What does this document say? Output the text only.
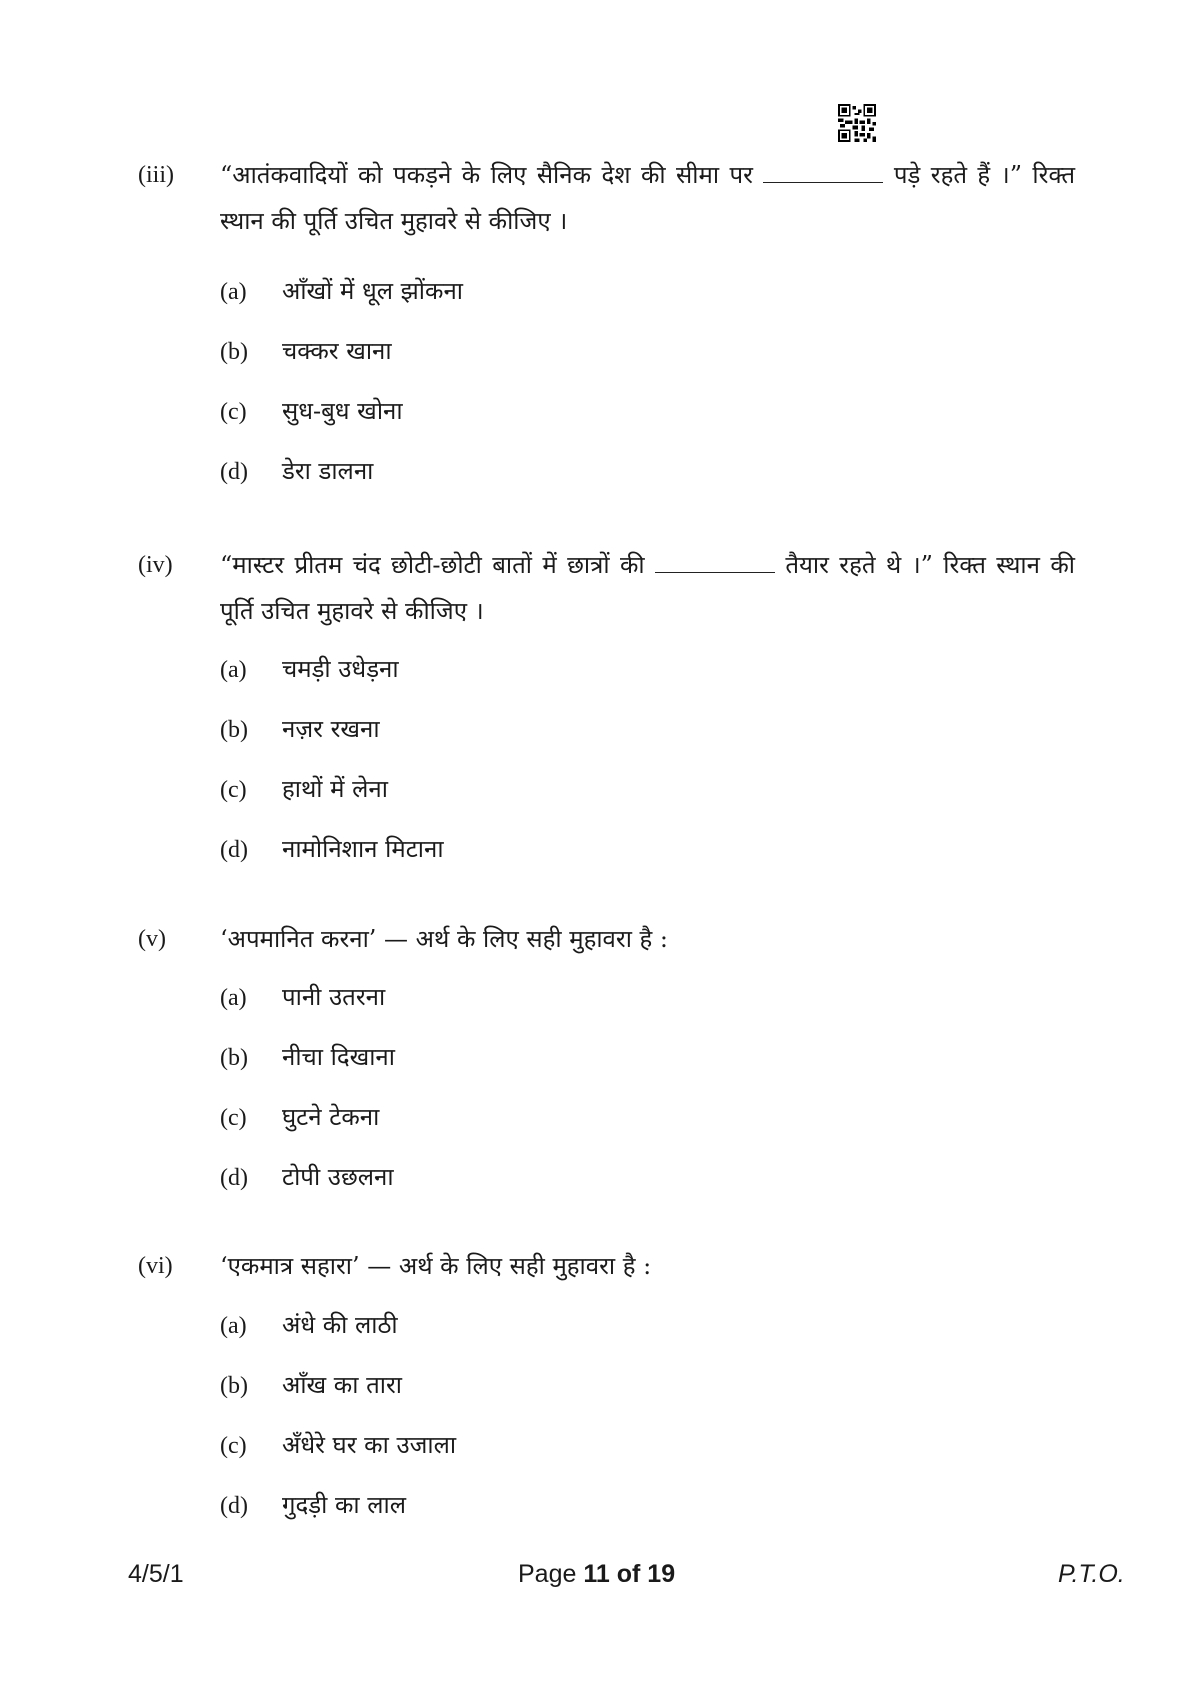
(iii) “आतंकवादियों को पकड़ने के लिए सैनिक देश की सीमा पर	पड़े रहते हैं ।” रिक्त स्थान की पूर्ति उचित मुहावरे से कीजिए ।
(a) आँखों में धूल झोंकना
(b) चक्कर खाना
(c) सुध-बुध खोना
(d) डेरा डालना
(iv) “मास्टर प्रीतम चंद छोटी-छोटी बातों में छात्रों की	तैयार रहते थे ।” रिक्त स्थान की पूर्ति उचित मुहावरे से कीजिए ।
(a) चमड़ी उधेड़ना
(b) नज़र रखना
(c) हाथों में लेना
(d) नामोनिशान मिटाना
(v) ‘अपमानित करना’ — अर्थ के लिए सही मुहावरा है :
(a) पानी उतरना
(b) नीचा दिखाना
(c) घुटने टेकना
(d) टोपी उछलना
(vi) ‘एकमात्र सहारा’ — अर्थ के लिए सही मुहावरा है :
(a) अंधे की लाठी
(b) आँख का तारा
(c) अँधेरे घर का उजाला
(d) गुदड़ी का लाल
4/5/1	Page 11 of 19	P.T.O.
